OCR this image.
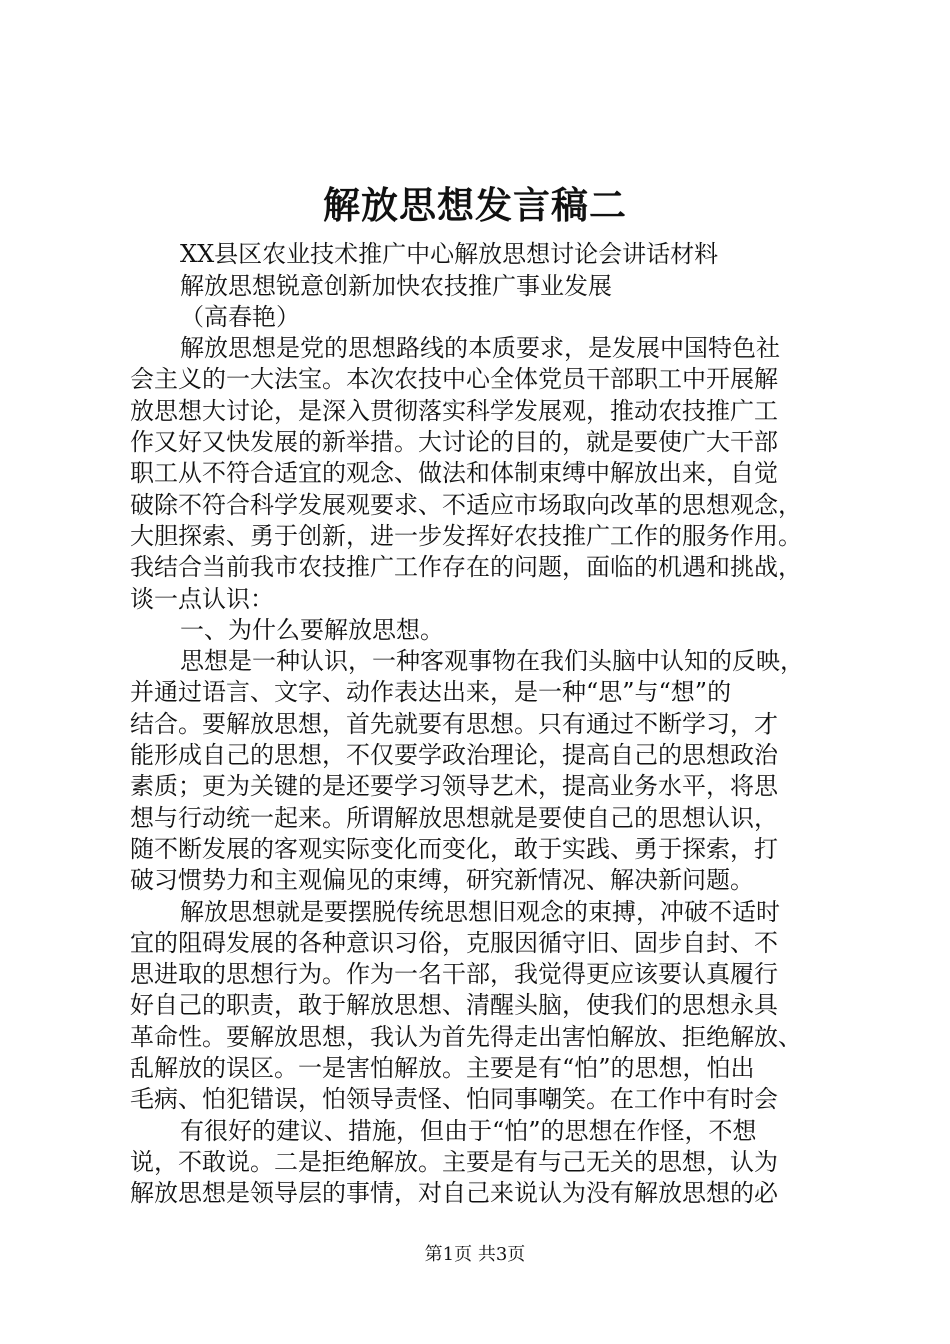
解放思想发言稿二
XX县区农业技术推广中心解放思想讨论会讲话材料
解放思想锐意创新加快农技推广事业发展
（高春艳）
解放思想是党的思想路线的本质要求，是发展中国特色社
会主义的一大法宝。本次农技中心全体党员干部职工中开展解
放思想大讨论，是深入贯彻落实科学发展观，推动农技推广工
作又好又快发展的新举措。大讨论的目的，就是要使广大干部
职工从不符合适宜的观念、做法和体制束缚中解放出来，自觉
破除不符合科学发展观要求、不适应市场取向改革的思想观念，
大胆探索、勇于创新，进一步发挥好农技推广工作的服务作用。
我结合当前我市农技推广工作存在的问题，面临的机遇和挑战，
谈一点认识：
一、为什么要解放思想。
思想是一种认识，一种客观事物在我们头脑中认知的反映，
并通过语言、文字、动作表达出来，是一种“思”与“想”的
结合。要解放思想，首先就要有思想。只有通过不断学习，才
能形成自己的思想，不仅要学政治理论，提高自己的思想政治
素质；更为关键的是还要学习领导艺术，提高业务水平，将思
想与行动统一起来。所谓解放思想就是要使自己的思想认识，
随不断发展的客观实际变化而变化，敢于实践、勇于探索，打
破习惯势力和主观偏见的束缚，研究新情况、解决新问题。
解放思想就是要摆脱传统思想旧观念的束搏，冲破不适时
宜的阻碍发展的各种意识习俗，克服因循守旧、固步自封、不
思进取的思想行为。作为一名干部，我觉得更应该要认真履行
好自己的职责，敢于解放思想、清醒头脑，使我们的思想永具
革命性。要解放思想，我认为首先得走出害怕解放、拒绝解放、
乱解放的误区。一是害怕解放。主要是有“怕”的思想，怕出
毛病、怕犯错误，怕领导责怪、怕同事嘲笑。在工作中有时会
有很好的建议、措施，但由于“怕”的思想在作怪，不想
说，不敢说。二是拒绝解放。主要是有与己无关的思想，认为
解放思想是领导层的事情，对自己来说认为没有解放思想的必
第1页 共3页
